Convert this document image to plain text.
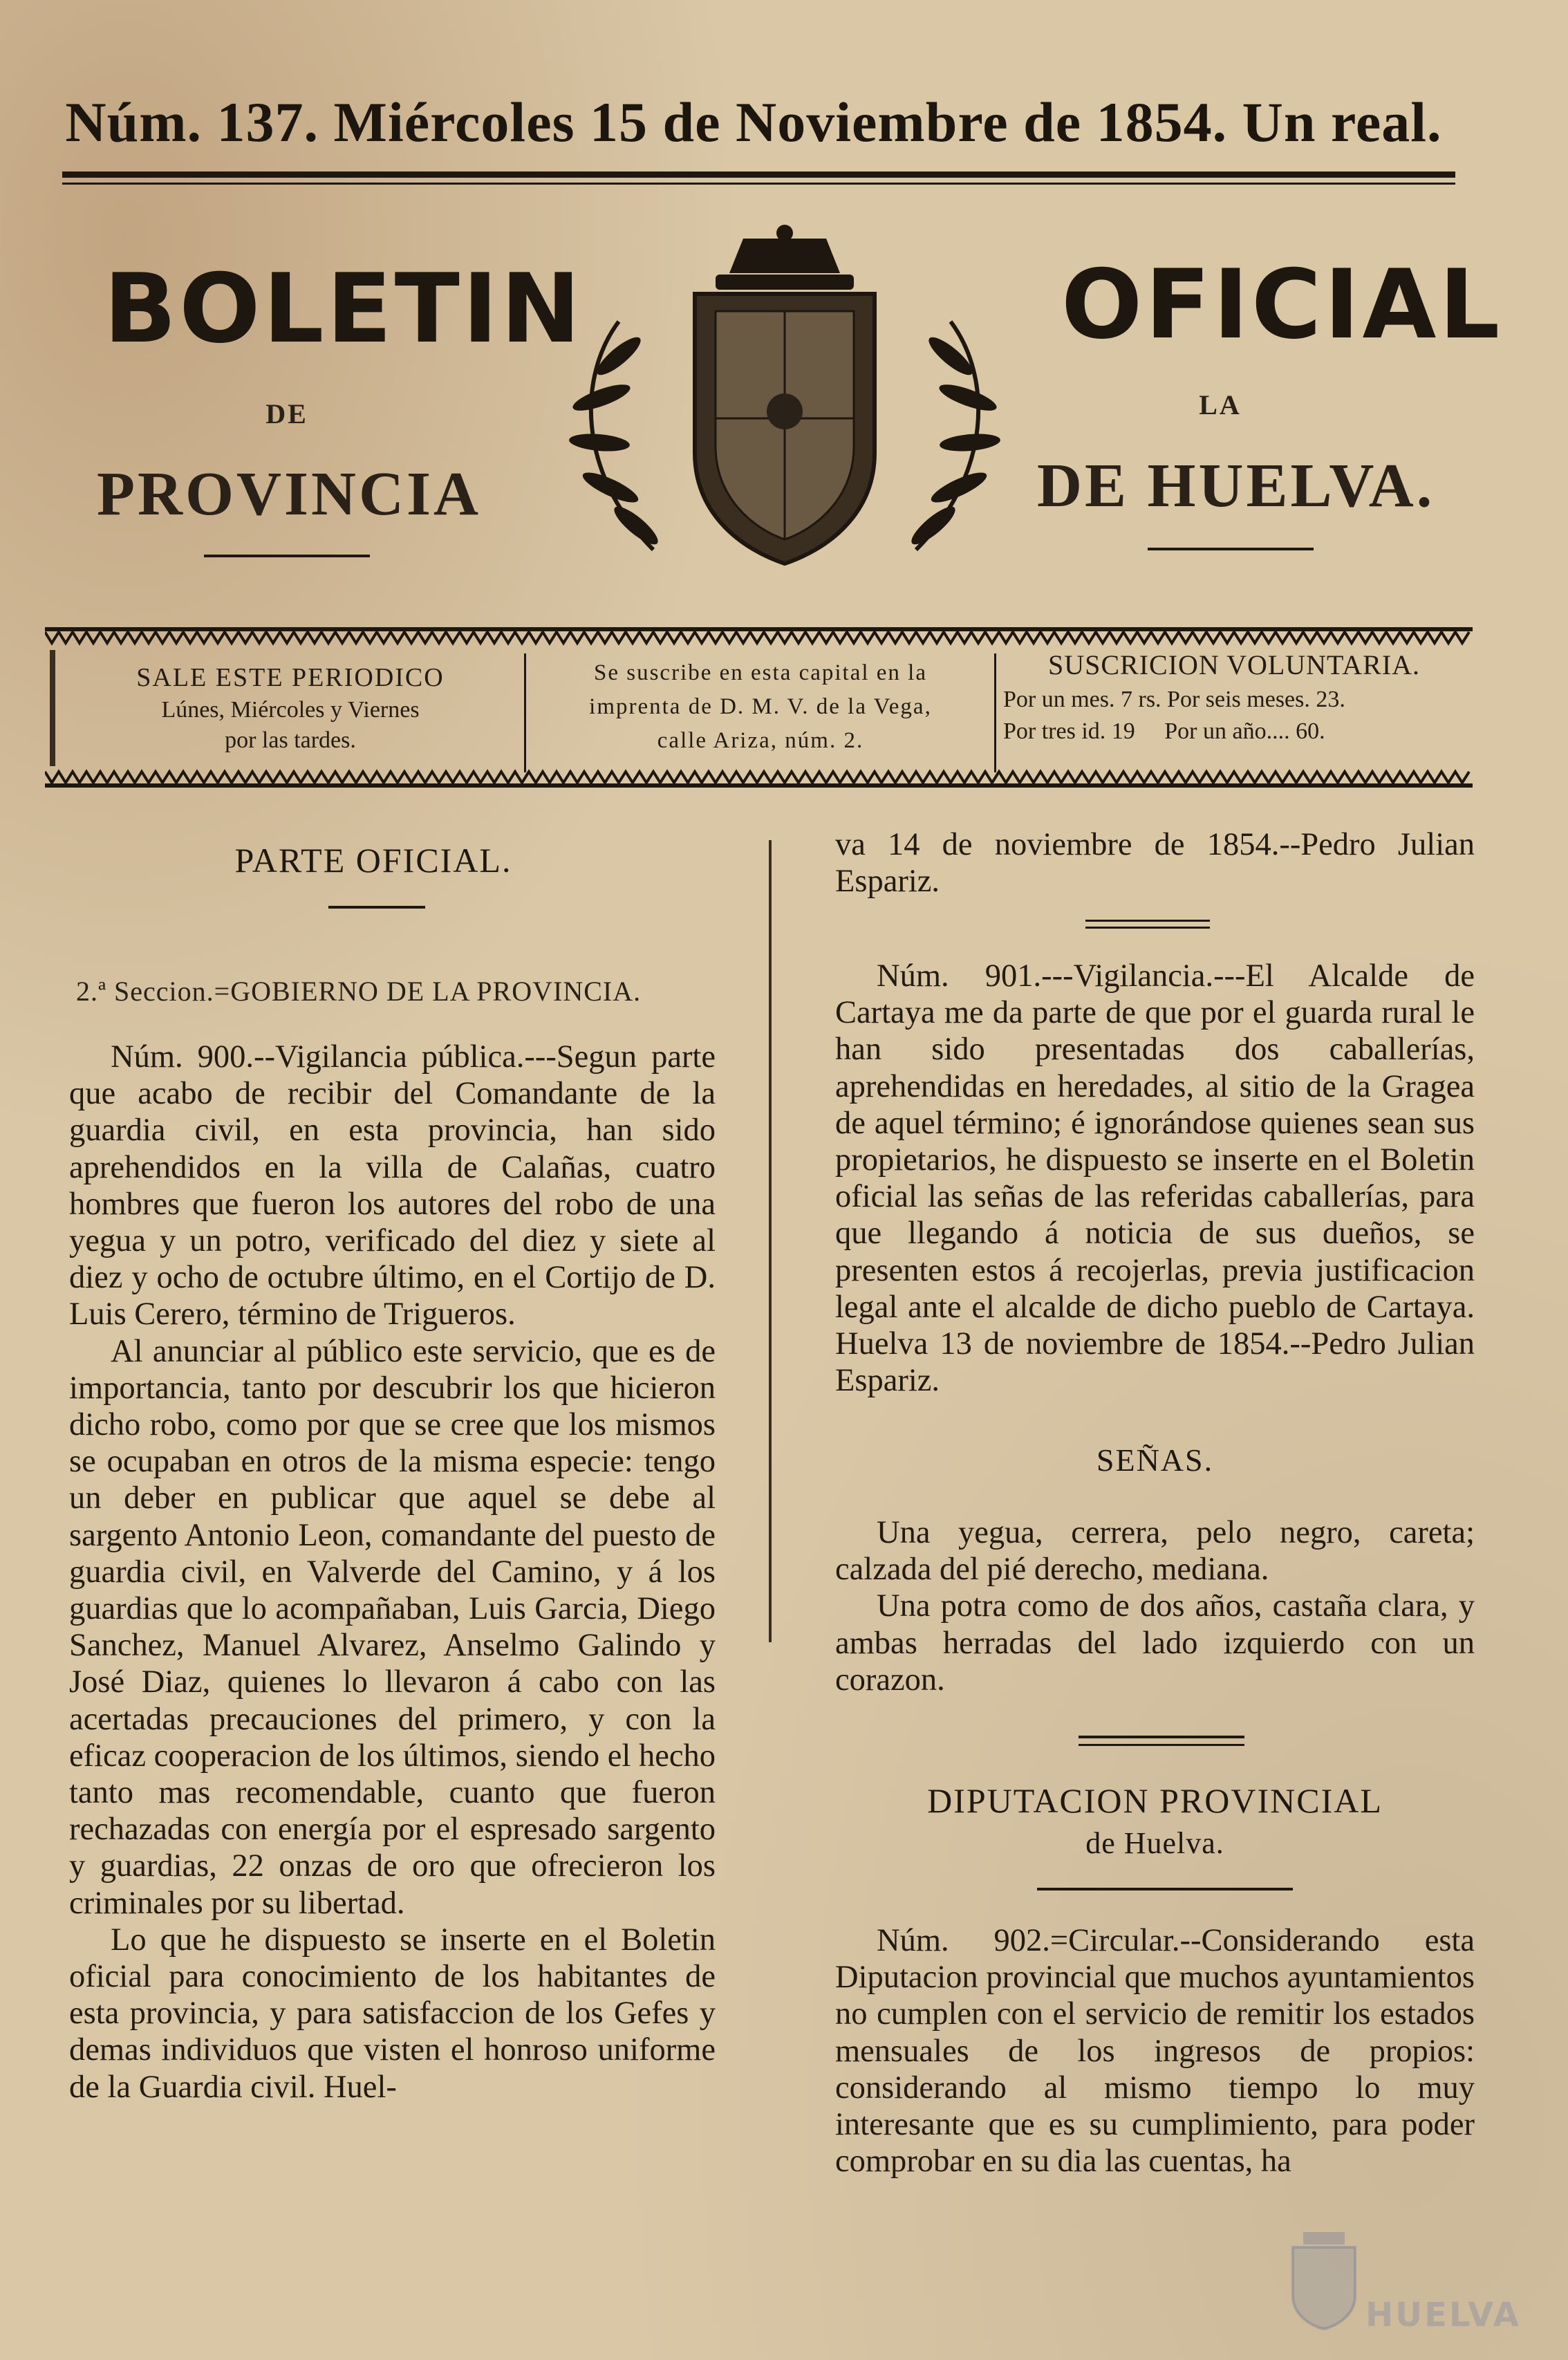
Núm. 137. Miércoles 15 de Noviembre de 1854. Un real.
BOLETIN
DE
PROVINCIA
OFICIAL
LA
DE HUELVA.
SALE ESTE PERIODICO
Lúnes, Miércoles y Viernes
por las tardes.
Se suscribe en esta capital en la
imprenta de D. M. V. de la Vega,
calle Ariza, núm. 2.
SUSCRICION VOLUNTARIA.
Por un mes. 7 rs. Por seis meses. 23.
Por tres id. 19     Por un año.... 60.
PARTE OFICIAL.
2.ª Seccion.=GOBIERNO DE LA PROVINCIA.

Núm. 900.--Vigilancia pública.---Segun parte que acabo de recibir del Comandante de la guardia civil, en esta provincia, han sido aprehendidos en la villa de Calañas, cuatro hombres que fueron los autores del robo de una yegua y un potro, verificado del diez y siete al diez y ocho de octubre último, en el Cortijo de D. Luis Cerero, término de Trigueros.

Al anunciar al público este servicio, que es de importancia, tanto por descubrir los que hicieron dicho robo, como por que se cree que los mismos se ocupaban en otros de la misma especie: tengo un deber en publicar que aquel se debe al sargento Antonio Leon, comandante del puesto de guardia civil, en Valverde del Camino, y á los guardias que lo acompañaban, Luis Garcia, Diego Sanchez, Manuel Alvarez, Anselmo Galindo y José Diaz, quienes lo llevaron á cabo con las acertadas precauciones del primero, y con la eficaz cooperacion de los últimos, siendo el hecho tanto mas recomendable, cuanto que fueron rechazadas con energía por el espresado sargento y guardias, 22 onzas de oro que ofrecieron los criminales por su libertad.

Lo que he dispuesto se inserte en el Boletin oficial para conocimiento de los habitantes de esta provincia, y para satisfaccion de los Gefes y demas individuos que visten el honroso uniforme de la Guardia civil. Huel-

va 14 de noviembre de 1854.--Pedro Julian Espariz.

Núm. 901.---Vigilancia.---El Alcalde de Cartaya me da parte de que por el guarda rural le han sido presentadas dos caballerías, aprehendidas en heredades, al sitio de la Gragea de aquel término; é ignorándose quienes sean sus propietarios, he dispuesto se inserte en el Boletin oficial las señas de las referidas caballerías, para que llegando á noticia de sus dueños, se presenten estos á recojerlas, previa justificacion legal ante el alcalde de dicho pueblo de Cartaya. Huelva 13 de noviembre de 1854.--Pedro Julian Espariz.

SEÑAS.

Una yegua, cerrera, pelo negro, careta; calzada del pié derecho, mediana.

Una potra como de dos años, castaña clara, y ambas herradas del lado izquierdo con un corazon.

DIPUTACION PROVINCIAL
de Huelva.

Núm. 902.=Circular.--Considerando esta Diputacion provincial que muchos ayuntamientos no cumplen con el servicio de remitir los estados mensuales de los ingresos de propios: considerando al mismo tiempo lo muy interesante que es su cumplimiento, para poder comprobar en su dia las cuentas, ha

HUELVA
